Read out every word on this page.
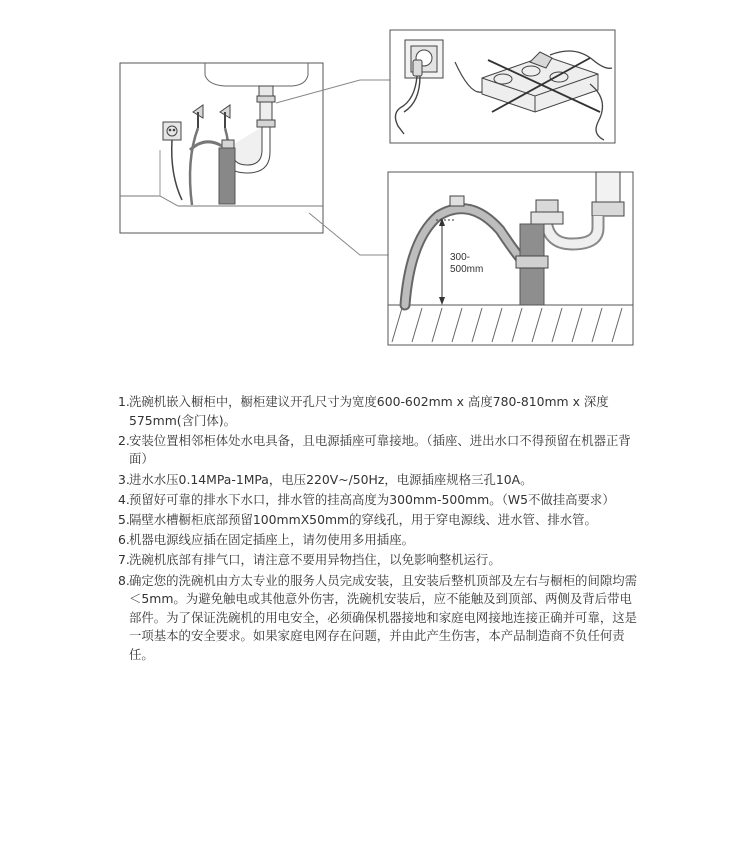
300-
500mm
1. 洗碗机嵌入橱柜中，橱柜建议开孔尺寸为宽度600-602mm x 高度780-810mm x 深度575mm(含门体)。
2. 安装位置相邻柜体处水电具备，且电源插座可靠接地。（插座、进出水口不得预留在机器正背面）
3. 进水水压0.14MPa-1MPa，电压220V~/50Hz，电源插座规格三孔10A。
4. 预留好可靠的排水下水口，排水管的挂高高度为300mm-500mm。（W5不做挂高要求）
5. 隔壁水槽橱柜底部预留100mmX50mm的穿线孔，用于穿电源线、进水管、排水管。
6. 机器电源线应插在固定插座上，请勿使用多用插座。
7. 洗碗机底部有排气口，请注意不要用异物挡住，以免影响整机运行。
8. 确定您的洗碗机由方太专业的服务人员完成安装，且安装后整机顶部及左右与橱柜的间隙均需＜5mm。为避免触电或其他意外伤害，洗碗机安装后，应不能触及到顶部、两侧及背后带电部件。为了保证洗碗机的用电安全，必须确保机器接地和家庭电网接地连接正确并可靠，这是一项基本的安全要求。如果家庭电网存在问题，并由此产生伤害，本产品制造商不负任何责任。
